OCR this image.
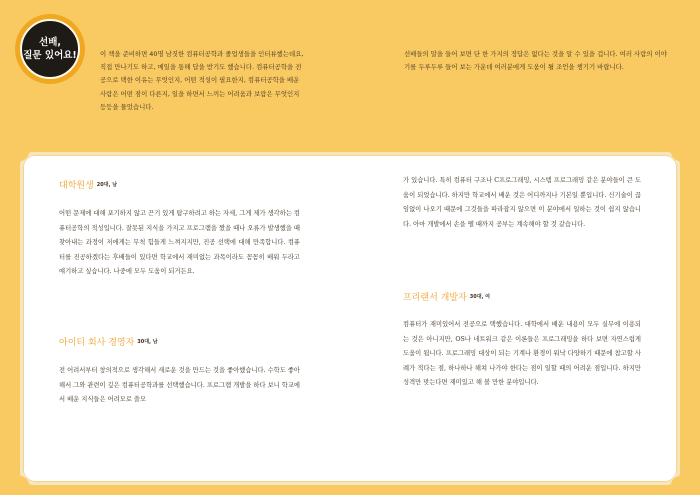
선배,
질문 있어요!	이 책을 준비하면 40명 남짓한 컴퓨터공학과 졸업생들을 인터뷰했는데요, 직접 만나기도 하고, 메일을 통해 답을 받기도 했습니다. 컴퓨터공학을 전공으로 택한 이유는 무엇인지, 어떤 적성이 필요한지, 컴퓨터공학을 배운 사람은 어떤 점이 다른지, 일을 하면서 느끼는 어려움과 보람은 무엇인지 등등을 물었습니다.
선배들의 말을 들어 보면 단 한 가지의 정답은 없다는 것을 알 수 있을 겁니다. 여러 사람의 이야기를 두루두루 들어 보는 가운데 여러분에게 도움이 될 조언을 챙기기 바랍니다.
대학원생 $^{20대, 남}$
어떤 문제에 대해 포기하지 않고 끈기 있게 탐구하려고 하는 자세, 그게 제가 생각하는 컴퓨터공학의 적성입니다. 잘못된 지식을 가지고 프로그램을 짰을 때나 오류가 발생했을 때 찾아내는 과정이 저에게는 무척 힘들게 느껴지지만, 진공 선택에 대해 만족합니다. 컴퓨터를 진공하겠다는 후배들이 있다면 학교에서 재미없는 과목이라도 꼼꼼히 배워 두라고 얘기하고 싶습니다. 나중에 모두 도움이 되거든요.
아이티 회사 경영자 $^{30대, 남}$
전 어려서부터 창의적으로 생각해서 새로운 것을 만드는 것을 좋아했습니다. 수학도 좋아해서 그와 관련이 깊은 컴퓨터공학과를 선택했습니다. 프로그램 개발을 하다 보니 학교에서 배운 지식들은 어려모로 쓸모
가 있습니다. 특히 컴퓨터 구조나 C프로그래밍, 시스템 프로그래밍 같은 분야들이 큰 도움이 되었습니다. 하지만 학교에서 배운 것은 어디까지나 기본일 뿐입니다. 신기술이 끊임없이 나오기 때문에 그것들을 따라잡지 않으면 이 분야에서 일하는 것이 쉽지 않습니다. 아마 개발에서 손을 뗄 때까지 공부는 계속해야 할 것 같습니다.
프리랜서 개발자 $^{30대, 여}$
컴퓨터가 재미있어서 전공으로 택했습니다. 대학에서 배운 내용이 모두 실무에 이용되는 것은 아니지만, OS나 네트워크 같은 이론들은 프로그래밍을 하다 보면 자연스럽게 도움이 됩니다. 프로그래밍 대상이 되는 기계나 환경이 워낙 다양하기 때문에 참고할 사례가 적다는 점, 하나하나 해쳐 나가야 한다는 점이 일할 때의 어려운 점입니다. 하지만 성격만 맞는다면 재미있고 해 볼 만한 분야입니다.
